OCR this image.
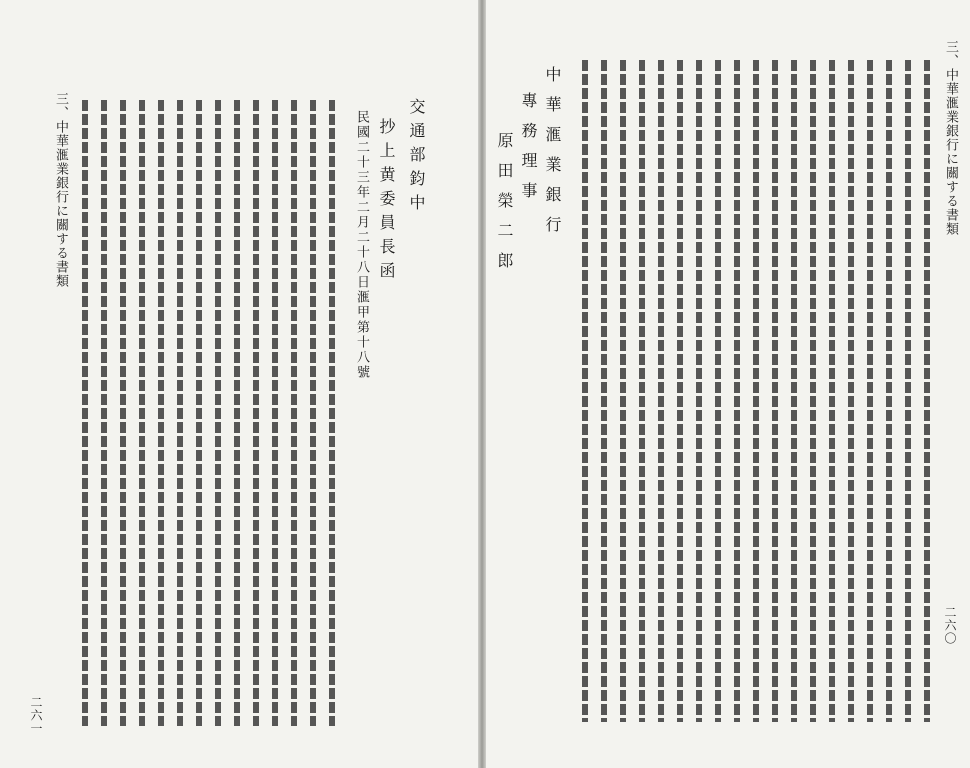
三、中華滙業銀行に關する書類
二六一
民國二十三年二月二十八日滙甲第十八號 抄上黄委員長函 交通部鈞中	原田榮二郎 專務理事 中華滙業銀行	三、中華滙業銀行に關する書類
二六〇
